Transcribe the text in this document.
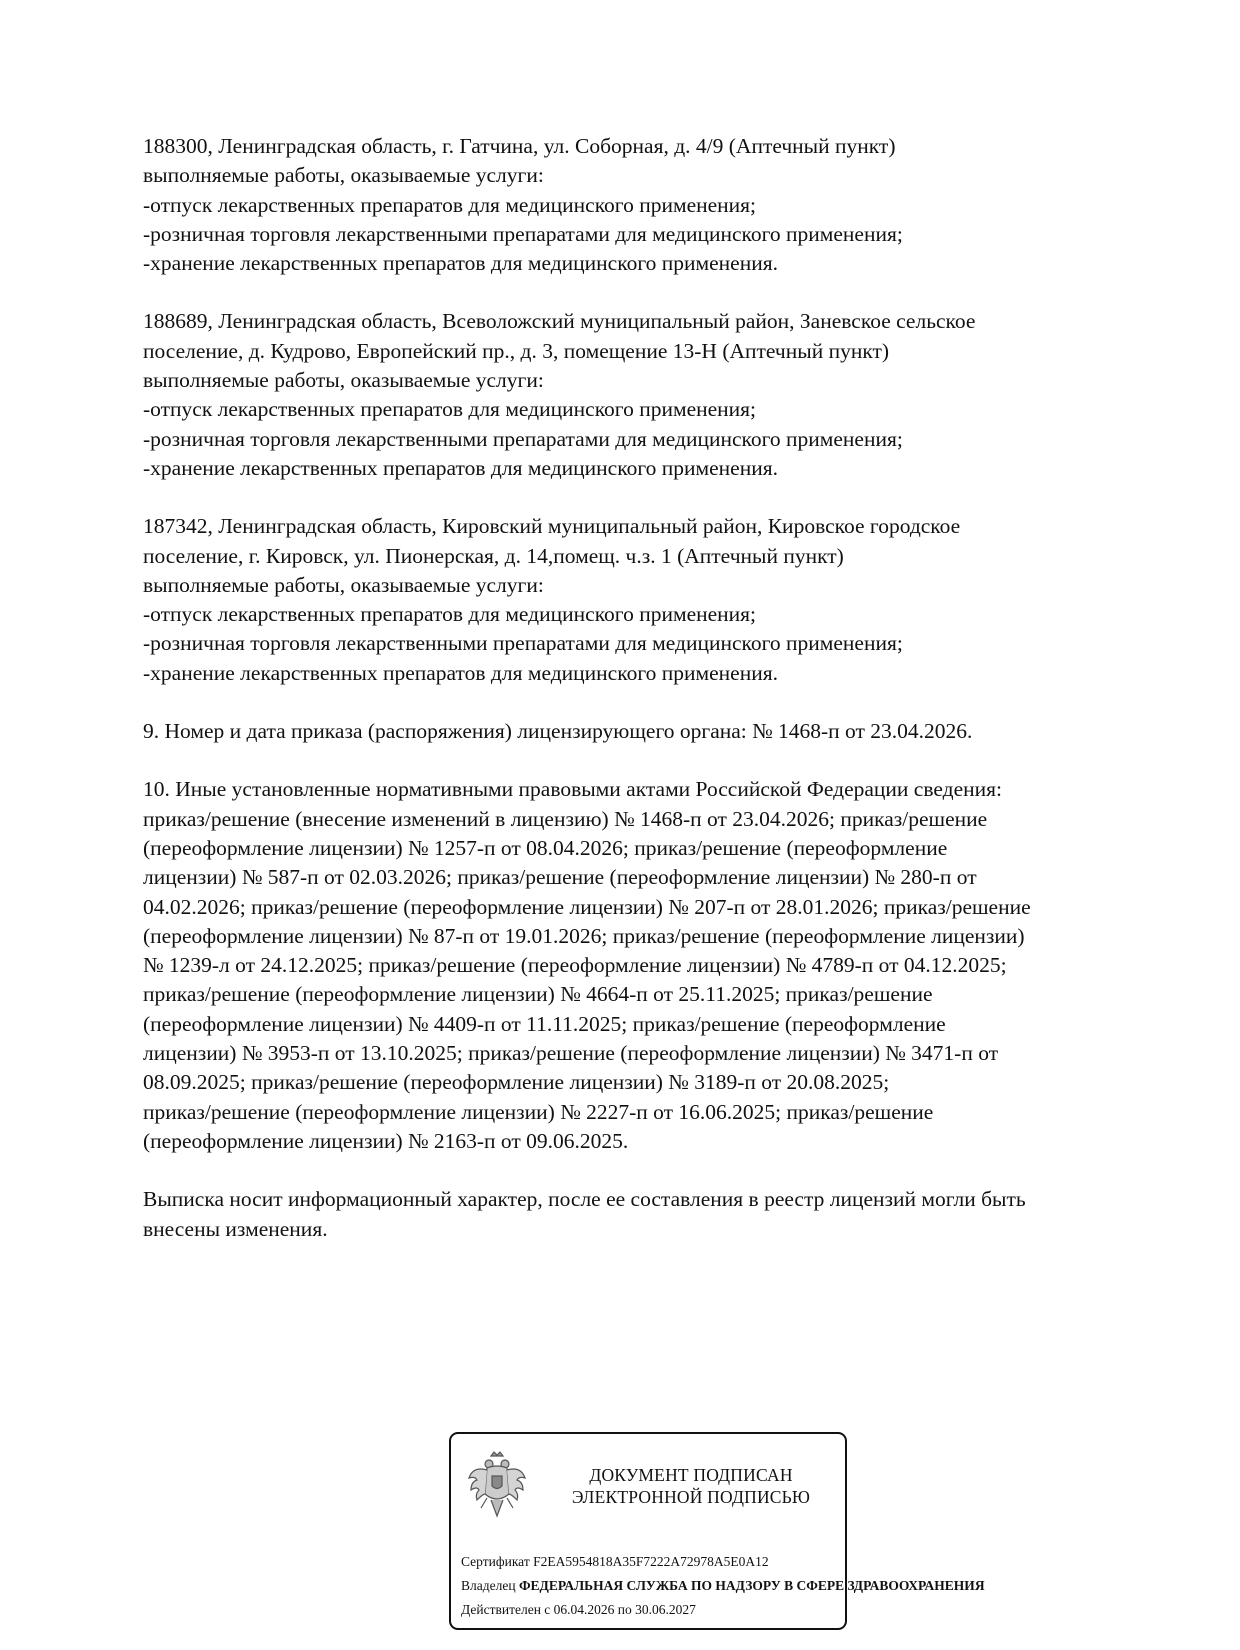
188300, Ленинградская область, г. Гатчина, ул. Соборная, д. 4/9 (Аптечный пункт)
выполняемые работы, оказываемые услуги:
-отпуск лекарственных препаратов для медицинского применения;
-розничная торговля лекарственными препаратами для медицинского применения;
-хранение лекарственных препаратов для медицинского применения.
188689, Ленинградская область, Всеволожский муниципальный район, Заневское сельское
поселение, д. Кудрово, Европейский пр., д. 3, помещение 13-Н (Аптечный пункт)
выполняемые работы, оказываемые услуги:
-отпуск лекарственных препаратов для медицинского применения;
-розничная торговля лекарственными препаратами для медицинского применения;
-хранение лекарственных препаратов для медицинского применения.
187342, Ленинградская область, Кировский муниципальный район, Кировское городское
поселение, г. Кировск, ул. Пионерская, д. 14,помещ. ч.з. 1 (Аптечный пункт)
выполняемые работы, оказываемые услуги:
-отпуск лекарственных препаратов для медицинского применения;
-розничная торговля лекарственными препаратами для медицинского применения;
-хранение лекарственных препаратов для медицинского применения.
9. Номер и дата приказа (распоряжения) лицензирующего органа: № 1468-п от 23.04.2026.
10. Иные установленные нормативными правовыми актами Российской Федерации сведения:
приказ/решение (внесение изменений в лицензию) № 1468-п от 23.04.2026; приказ/решение
(переоформление лицензии) № 1257-п от 08.04.2026; приказ/решение (переоформление
лицензии) № 587-п от 02.03.2026; приказ/решение (переоформление лицензии) № 280-п от
04.02.2026; приказ/решение (переоформление лицензии) № 207-п от 28.01.2026; приказ/решение
(переоформление лицензии) № 87-п от 19.01.2026; приказ/решение (переоформление лицензии)
№ 1239-л от 24.12.2025; приказ/решение (переоформление лицензии) № 4789-п от 04.12.2025;
приказ/решение (переоформление лицензии) № 4664-п от 25.11.2025; приказ/решение
(переоформление лицензии) № 4409-п от 11.11.2025; приказ/решение (переоформление
лицензии) № 3953-п от 13.10.2025; приказ/решение (переоформление лицензии) № 3471-п от
08.09.2025; приказ/решение (переоформление лицензии) № 3189-п от 20.08.2025;
приказ/решение (переоформление лицензии) № 2227-п от 16.06.2025; приказ/решение
(переоформление лицензии) № 2163-п от 09.06.2025.
Выписка носит информационный характер, после ее составления в реестр лицензий могли быть
внесены изменения.
ДОКУМЕНТ ПОДПИСАН
ЭЛЕКТРОННОЙ ПОДПИСЬЮ
Сертификат F2EA5954818A35F7222A72978A5E0A12
Владелец ФЕДЕРАЛЬНАЯ СЛУЖБА ПО НАДЗОРУ В СФЕРЕ ЗДРАВООХРАНЕНИЯ
Действителен с 06.04.2026 по 30.06.2027
